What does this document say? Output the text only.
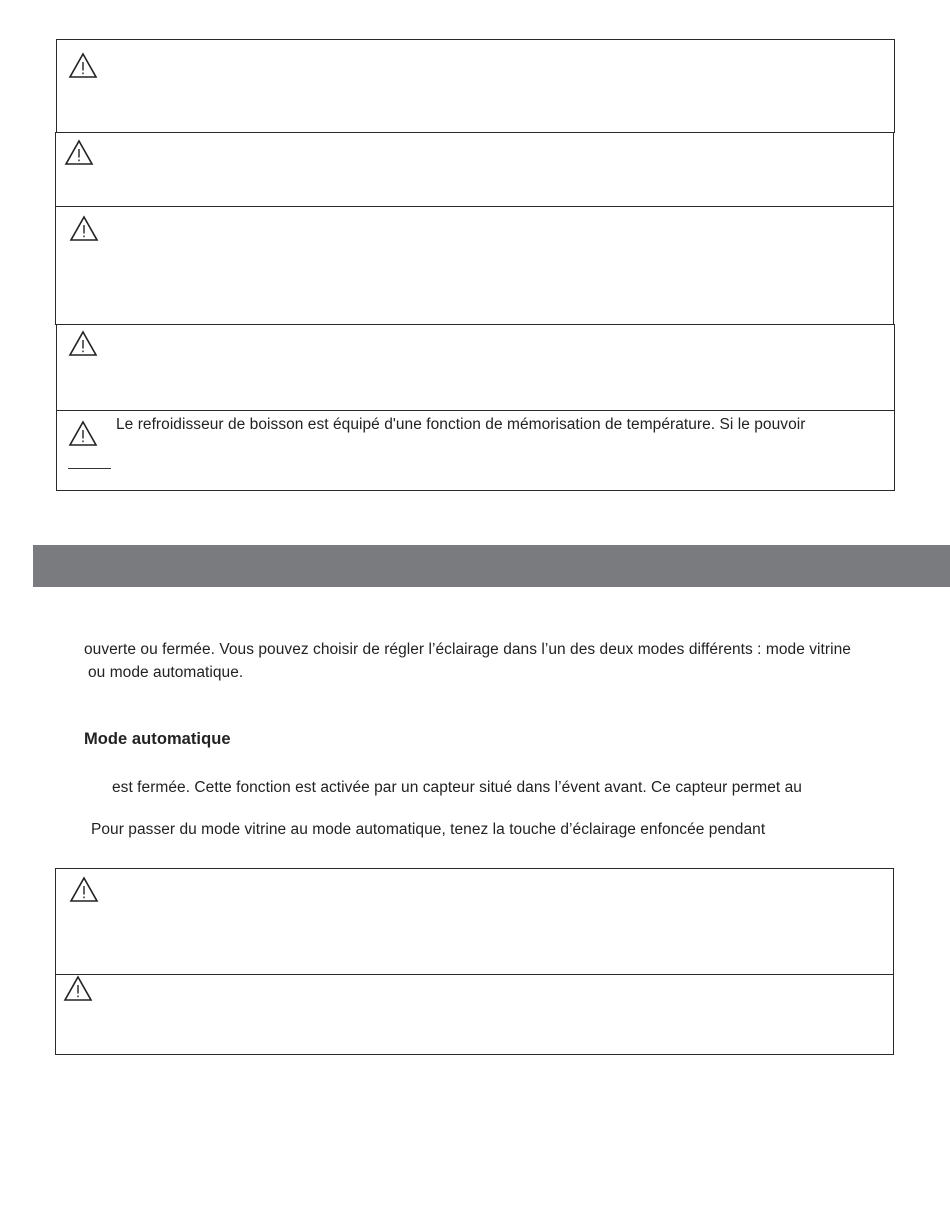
Le refroidisseur de boisson est équipé d'une fonction de mémorisation de température. Si le pouvoir
ouverte ou fermée. Vous pouvez choisir de régler l’éclairage dans l’un des deux modes différents : mode vitrine
ou mode automatique.
Mode automatique
est fermée. Cette fonction est activée par un capteur situé dans l’évent avant. Ce capteur permet au
Pour passer du mode vitrine au mode automatique, tenez la touche d’éclairage enfoncée pendant
